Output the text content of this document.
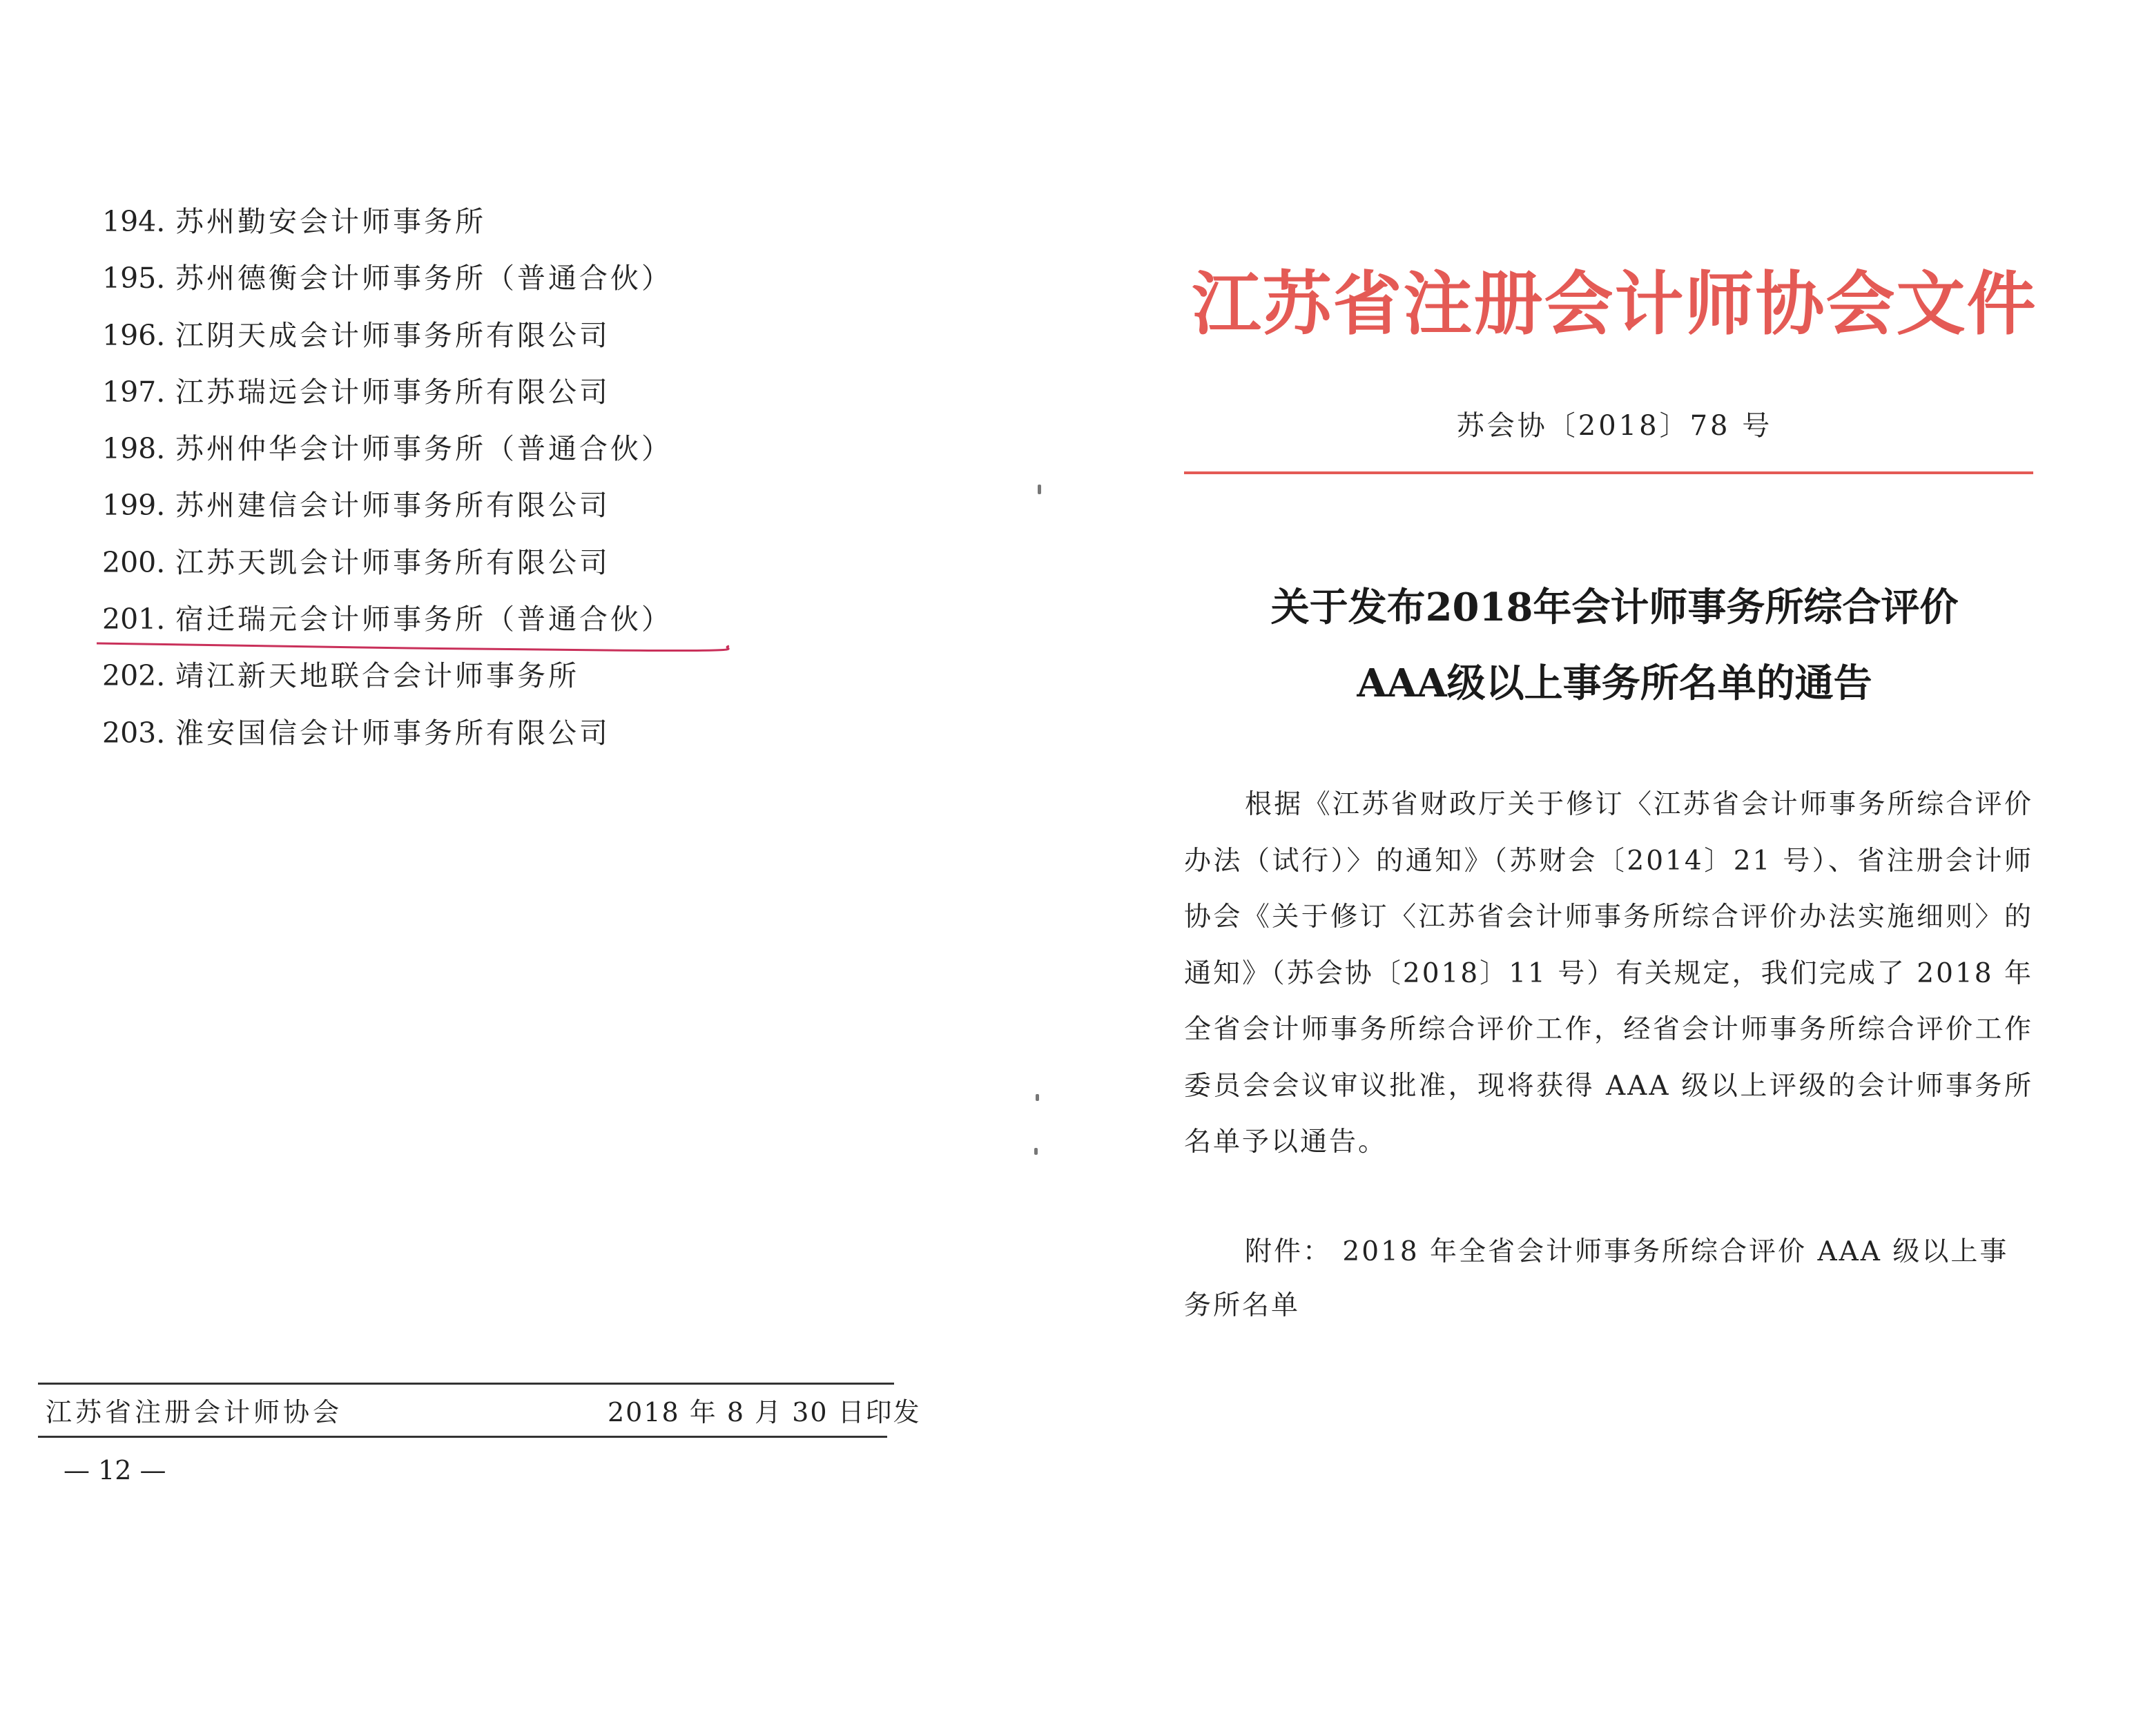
194. 苏州勤安会计师事务所
195. 苏州德衡会计师事务所（普通合伙）
196. 江阴天成会计师事务所有限公司
197. 江苏瑞远会计师事务所有限公司
198. 苏州仲华会计师事务所（普通合伙）
199. 苏州建信会计师事务所有限公司
200. 江苏天凯会计师事务所有限公司
201. 宿迁瑞元会计师事务所（普通合伙）
202. 靖江新天地联合会计师事务所
203. 淮安国信会计师事务所有限公司
江苏省注册会计师协会	2018 年 8 月 30 日印发
— 12 —
江苏省注册会计师协会文件
苏会协〔2018〕78 号
关于发布2018年会计师事务所综合评价
AAA级以上事务所名单的通告

根据《江苏省财政厅关于修订〈江苏省会计师事务所综合评价办法（试行）〉的通知》（苏财会〔2014〕21 号）、省注册会计师协会《关于修订〈江苏省会计师事务所综合评价办法实施细则〉的通知》（苏会协〔2018〕11 号）有关规定，我们完成了 2018 年全省会计师事务所综合评价工作，经省会计师事务所综合评价工作委员会会议审议批准，现将获得 AAA 级以上评级的会计师事务所名单予以通告。

附件： 2018 年全省会计师事务所综合评价 AAA 级以上事务所名单
